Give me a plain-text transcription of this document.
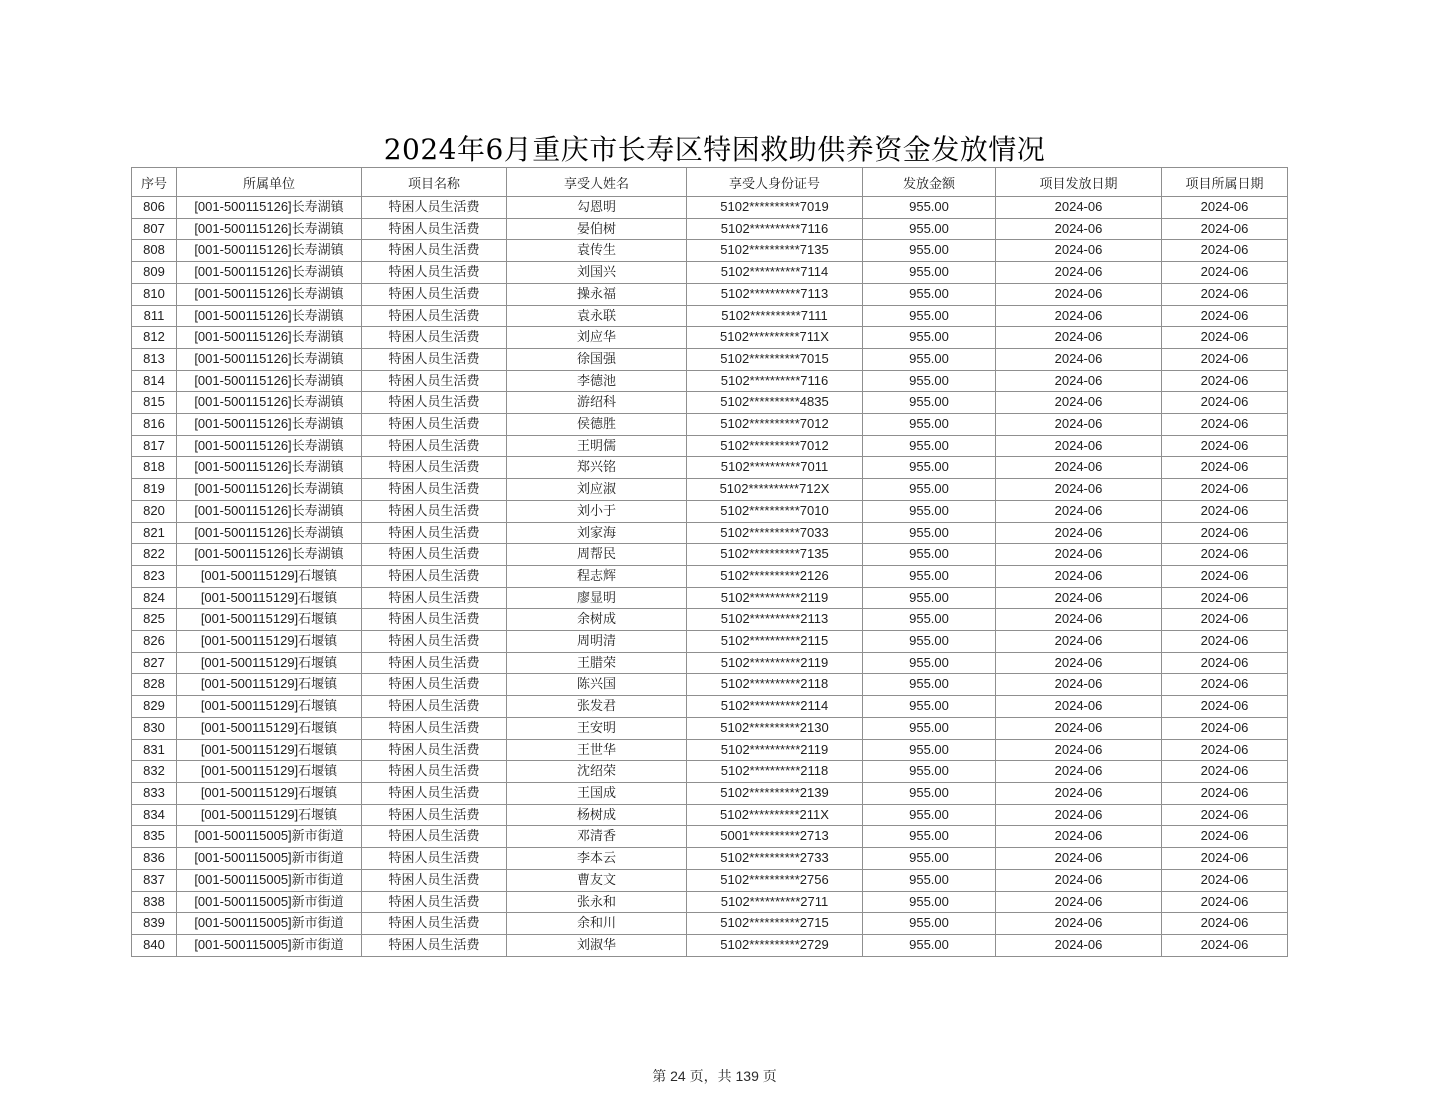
2024年6月重庆市长寿区特困救助供养资金发放情况
序号	所属单位	项目名称	享受人姓名	享受人身份证号	发放金额	项目发放日期	项目所属日期
806	[001-500115126]长寿湖镇	特困人员生活费	勾恩明	5102**********7019	955.00	2024-06	2024-06
807	[001-500115126]长寿湖镇	特困人员生活费	晏伯树	5102**********7116	955.00	2024-06	2024-06
808	[001-500115126]长寿湖镇	特困人员生活费	袁传生	5102**********7135	955.00	2024-06	2024-06
809	[001-500115126]长寿湖镇	特困人员生活费	刘国兴	5102**********7114	955.00	2024-06	2024-06
810	[001-500115126]长寿湖镇	特困人员生活费	操永福	5102**********7113	955.00	2024-06	2024-06
811	[001-500115126]长寿湖镇	特困人员生活费	袁永联	5102**********7111	955.00	2024-06	2024-06
812	[001-500115126]长寿湖镇	特困人员生活费	刘应华	5102**********711X	955.00	2024-06	2024-06
813	[001-500115126]长寿湖镇	特困人员生活费	徐国强	5102**********7015	955.00	2024-06	2024-06
814	[001-500115126]长寿湖镇	特困人员生活费	李德池	5102**********7116	955.00	2024-06	2024-06
815	[001-500115126]长寿湖镇	特困人员生活费	游绍科	5102**********4835	955.00	2024-06	2024-06
816	[001-500115126]长寿湖镇	特困人员生活费	侯德胜	5102**********7012	955.00	2024-06	2024-06
817	[001-500115126]长寿湖镇	特困人员生活费	王明儒	5102**********7012	955.00	2024-06	2024-06
818	[001-500115126]长寿湖镇	特困人员生活费	郑兴铭	5102**********7011	955.00	2024-06	2024-06
819	[001-500115126]长寿湖镇	特困人员生活费	刘应淑	5102**********712X	955.00	2024-06	2024-06
820	[001-500115126]长寿湖镇	特困人员生活费	刘小于	5102**********7010	955.00	2024-06	2024-06
821	[001-500115126]长寿湖镇	特困人员生活费	刘家海	5102**********7033	955.00	2024-06	2024-06
822	[001-500115126]长寿湖镇	特困人员生活费	周帮民	5102**********7135	955.00	2024-06	2024-06
823	[001-500115129]石堰镇	特困人员生活费	程志辉	5102**********2126	955.00	2024-06	2024-06
824	[001-500115129]石堰镇	特困人员生活费	廖显明	5102**********2119	955.00	2024-06	2024-06
825	[001-500115129]石堰镇	特困人员生活费	余树成	5102**********2113	955.00	2024-06	2024-06
826	[001-500115129]石堰镇	特困人员生活费	周明清	5102**********2115	955.00	2024-06	2024-06
827	[001-500115129]石堰镇	特困人员生活费	王腊荣	5102**********2119	955.00	2024-06	2024-06
828	[001-500115129]石堰镇	特困人员生活费	陈兴国	5102**********2118	955.00	2024-06	2024-06
829	[001-500115129]石堰镇	特困人员生活费	张发君	5102**********2114	955.00	2024-06	2024-06
830	[001-500115129]石堰镇	特困人员生活费	王安明	5102**********2130	955.00	2024-06	2024-06
831	[001-500115129]石堰镇	特困人员生活费	王世华	5102**********2119	955.00	2024-06	2024-06
832	[001-500115129]石堰镇	特困人员生活费	沈绍荣	5102**********2118	955.00	2024-06	2024-06
833	[001-500115129]石堰镇	特困人员生活费	王国成	5102**********2139	955.00	2024-06	2024-06
834	[001-500115129]石堰镇	特困人员生活费	杨树成	5102**********211X	955.00	2024-06	2024-06
835	[001-500115005]新市街道	特困人员生活费	邓清香	5001**********2713	955.00	2024-06	2024-06
836	[001-500115005]新市街道	特困人员生活费	李本云	5102**********2733	955.00	2024-06	2024-06
837	[001-500115005]新市街道	特困人员生活费	曹友文	5102**********2756	955.00	2024-06	2024-06
838	[001-500115005]新市街道	特困人员生活费	张永和	5102**********2711	955.00	2024-06	2024-06
839	[001-500115005]新市街道	特困人员生活费	余和川	5102**********2715	955.00	2024-06	2024-06
840	[001-500115005]新市街道	特困人员生活费	刘淑华	5102**********2729	955.00	2024-06	2024-06
第 24 页，共 139 页
